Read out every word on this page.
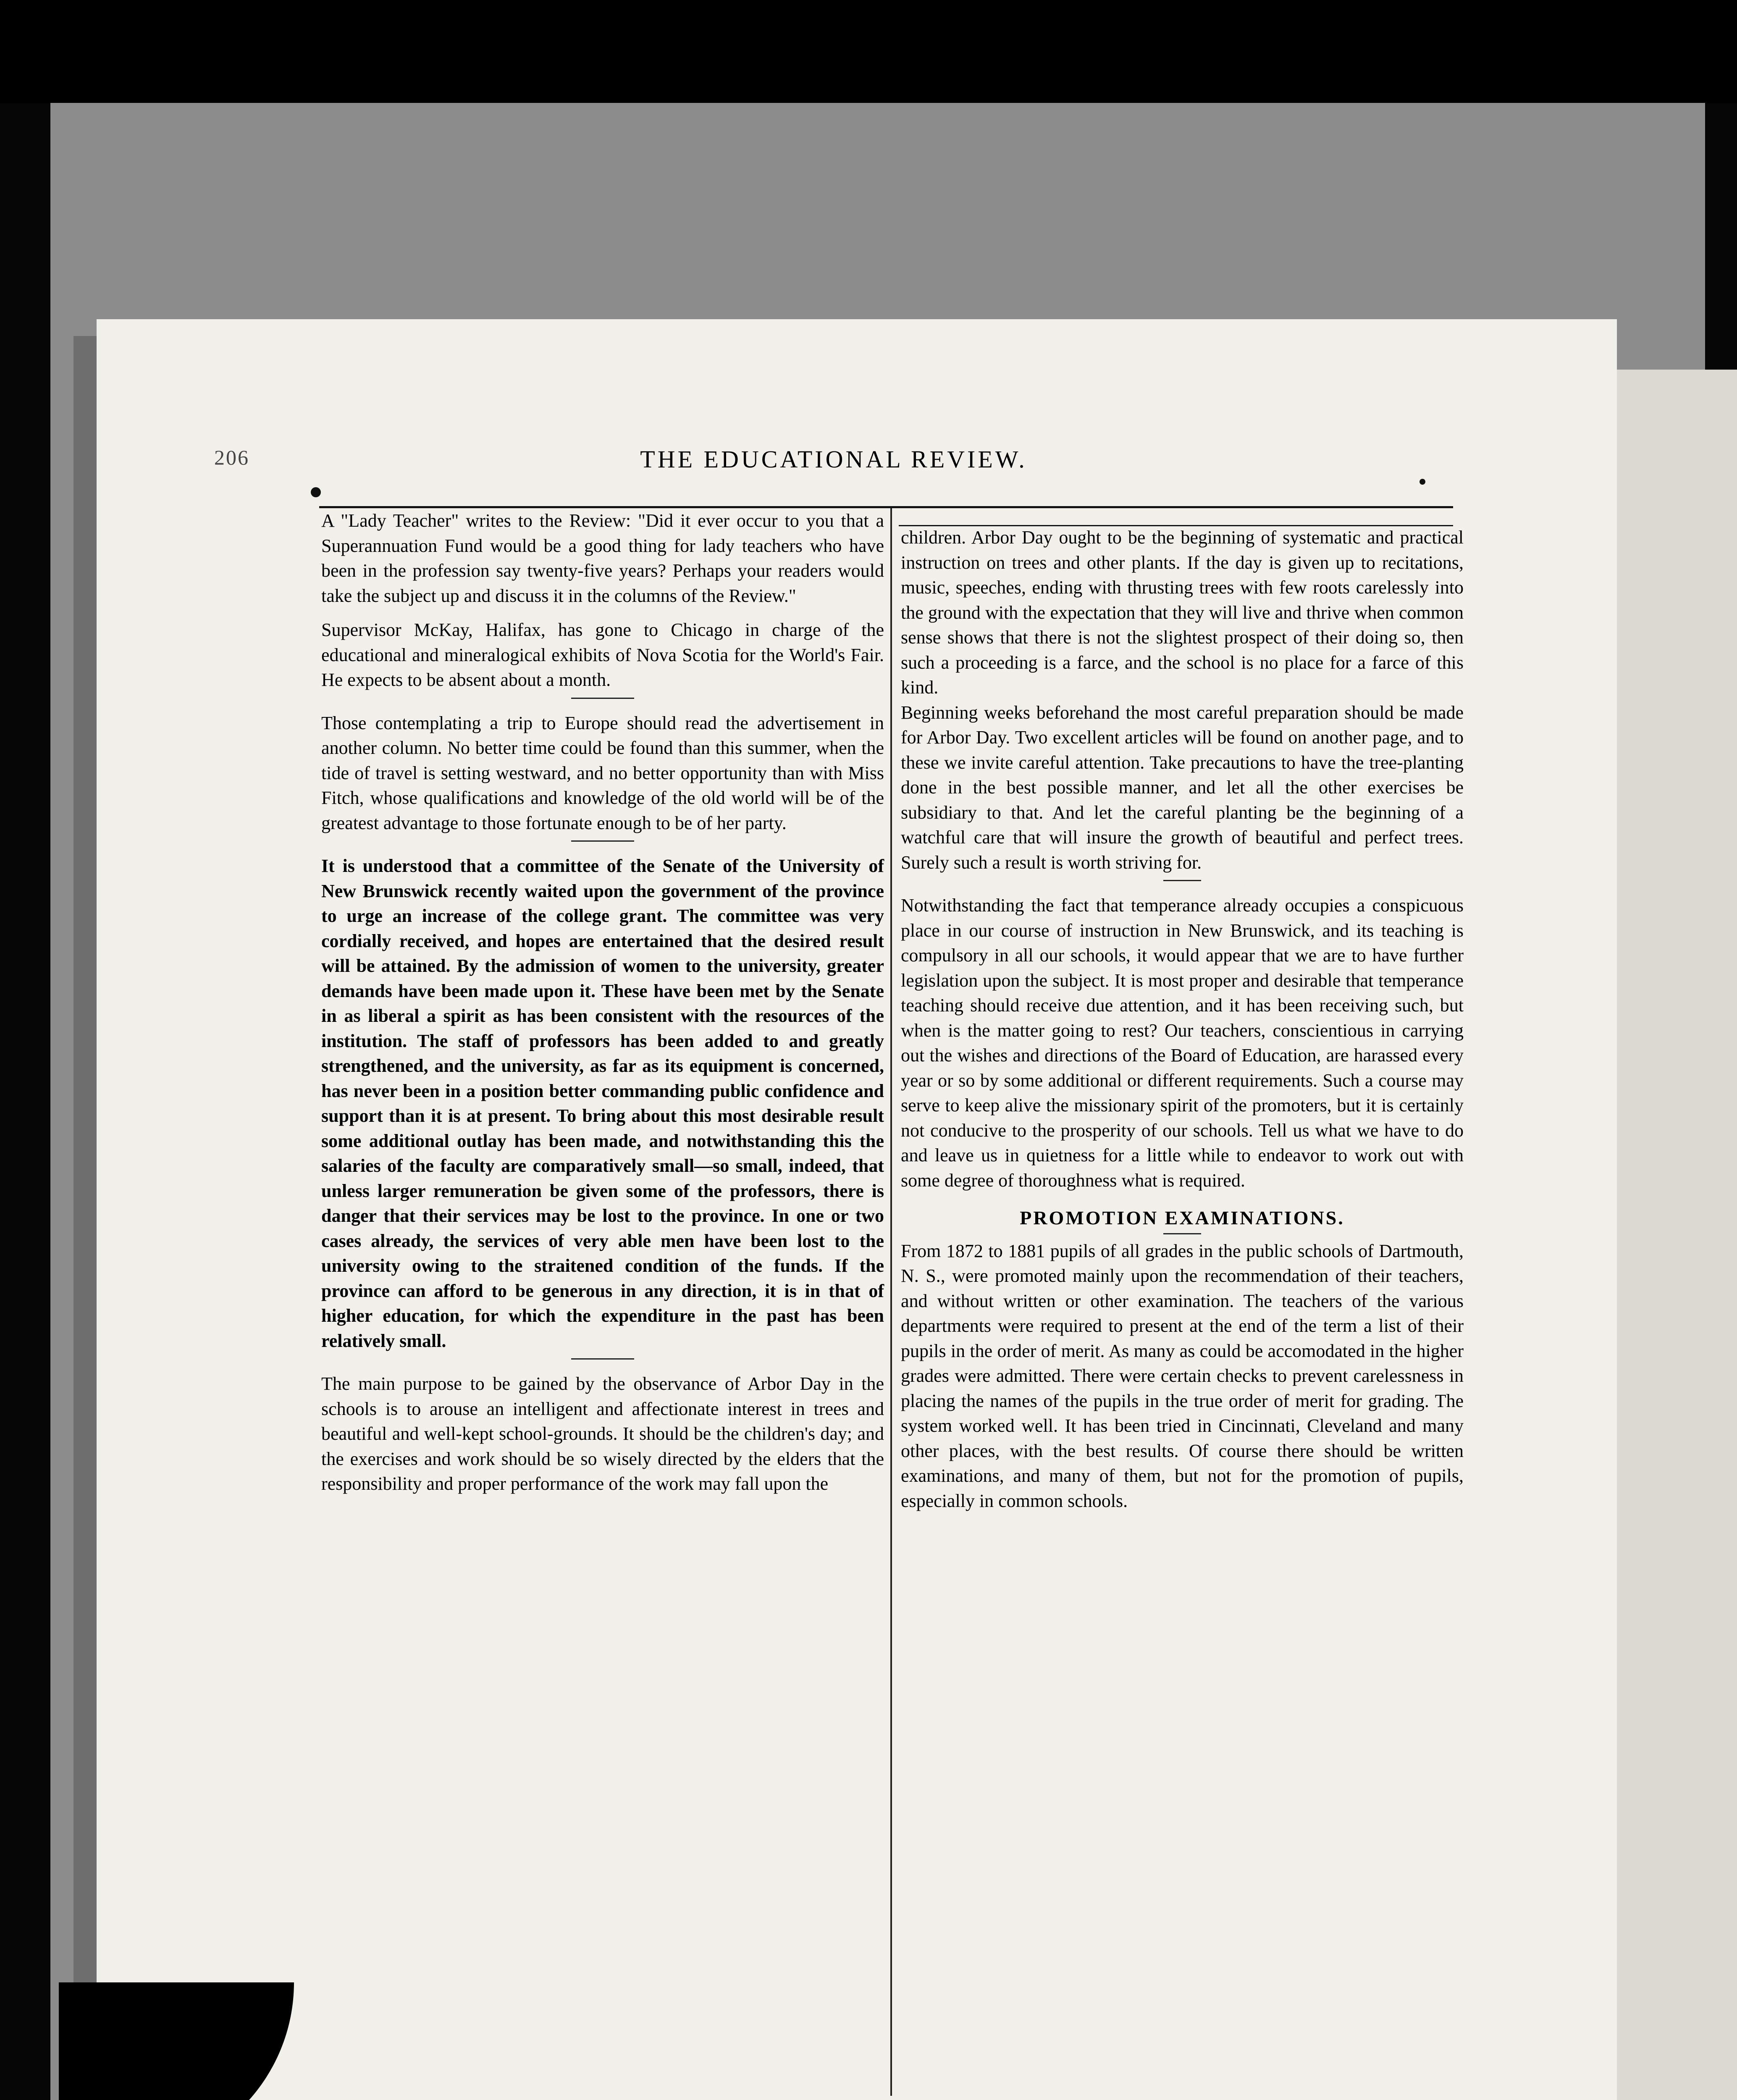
206	THE EDUCATIONAL REVIEW.

A "Lady Teacher" writes to the Review: "Did it ever occur to you that a Superannuation Fund would be a good thing for lady teachers who have been in the profession say twenty-five years? Perhaps your readers would take the subject up and discuss it in the columns of the Review."

Supervisor McKay, Halifax, has gone to Chicago in charge of the educational and mineralogical exhibits of Nova Scotia for the World's Fair. He expects to be absent about a month.

Those contemplating a trip to Europe should read the advertisement in another column. No better time could be found than this summer, when the tide of travel is setting westward, and no better opportunity than with Miss Fitch, whose qualifications and knowledge of the old world will be of the greatest advantage to those fortunate enough to be of her party.

It is understood that a committee of the Senate of the University of New Brunswick recently waited upon the government of the province to urge an increase of the college grant. The committee was very cordially received, and hopes are entertained that the desired result will be attained. By the admission of women to the university, greater demands have been made upon it. These have been met by the Senate in as liberal a spirit as has been consistent with the resources of the institution. The staff of professors has been added to and greatly strengthened, and the university, as far as its equipment is concerned, has never been in a position better commanding public confidence and support than it is at present. To bring about this most desirable result some additional outlay has been made, and notwithstanding this the salaries of the faculty are comparatively small—so small, indeed, that unless larger remuneration be given some of the professors, there is danger that their services may be lost to the province. In one or two cases already, the services of very able men have been lost to the university owing to the straitened condition of the funds. If the province can afford to be generous in any direction, it is in that of higher education, for which the expenditure in the past has been relatively small.

The main purpose to be gained by the observance of Arbor Day in the schools is to arouse an intelligent and affectionate interest in trees and beautiful and well-kept school-grounds. It should be the children's day; and the exercises and work should be so wisely directed by the elders that the responsibility and proper performance of the work may fall upon the

children. Arbor Day ought to be the beginning of systematic and practical instruction on trees and other plants. If the day is given up to recitations, music, speeches, ending with thrusting trees with few roots carelessly into the ground with the expectation that they will live and thrive when common sense shows that there is not the slightest prospect of their doing so, then such a proceeding is a farce, and the school is no place for a farce of this kind.

Beginning weeks beforehand the most careful preparation should be made for Arbor Day. Two excellent articles will be found on another page, and to these we invite careful attention. Take precautions to have the tree-planting done in the best possible manner, and let all the other exercises be subsidiary to that. And let the careful planting be the beginning of a watchful care that will insure the growth of beautiful and perfect trees. Surely such a result is worth striving for.

Notwithstanding the fact that temperance already occupies a conspicuous place in our course of instruction in New Brunswick, and its teaching is compulsory in all our schools, it would appear that we are to have further legislation upon the subject. It is most proper and desirable that temperance teaching should receive due attention, and it has been receiving such, but when is the matter going to rest? Our teachers, conscientious in carrying out the wishes and directions of the Board of Education, are harassed every year or so by some additional or different requirements. Such a course may serve to keep alive the missionary spirit of the promoters, but it is certainly not conducive to the prosperity of our schools. Tell us what we have to do and leave us in quietness for a little while to endeavor to work out with some degree of thoroughness what is required.

PROMOTION EXAMINATIONS.

From 1872 to 1881 pupils of all grades in the public schools of Dartmouth, N. S., were promoted mainly upon the recommendation of their teachers, and without written or other examination. The teachers of the various departments were required to present at the end of the term a list of their pupils in the order of merit. As many as could be accomodated in the higher grades were admitted. There were certain checks to prevent carelessness in placing the names of the pupils in the true order of merit for grading. The system worked well. It has been tried in Cincinnati, Cleveland and many other places, with the best results. Of course there should be written examinations, and many of them, but not for the promotion of pupils, especially in common schools.
